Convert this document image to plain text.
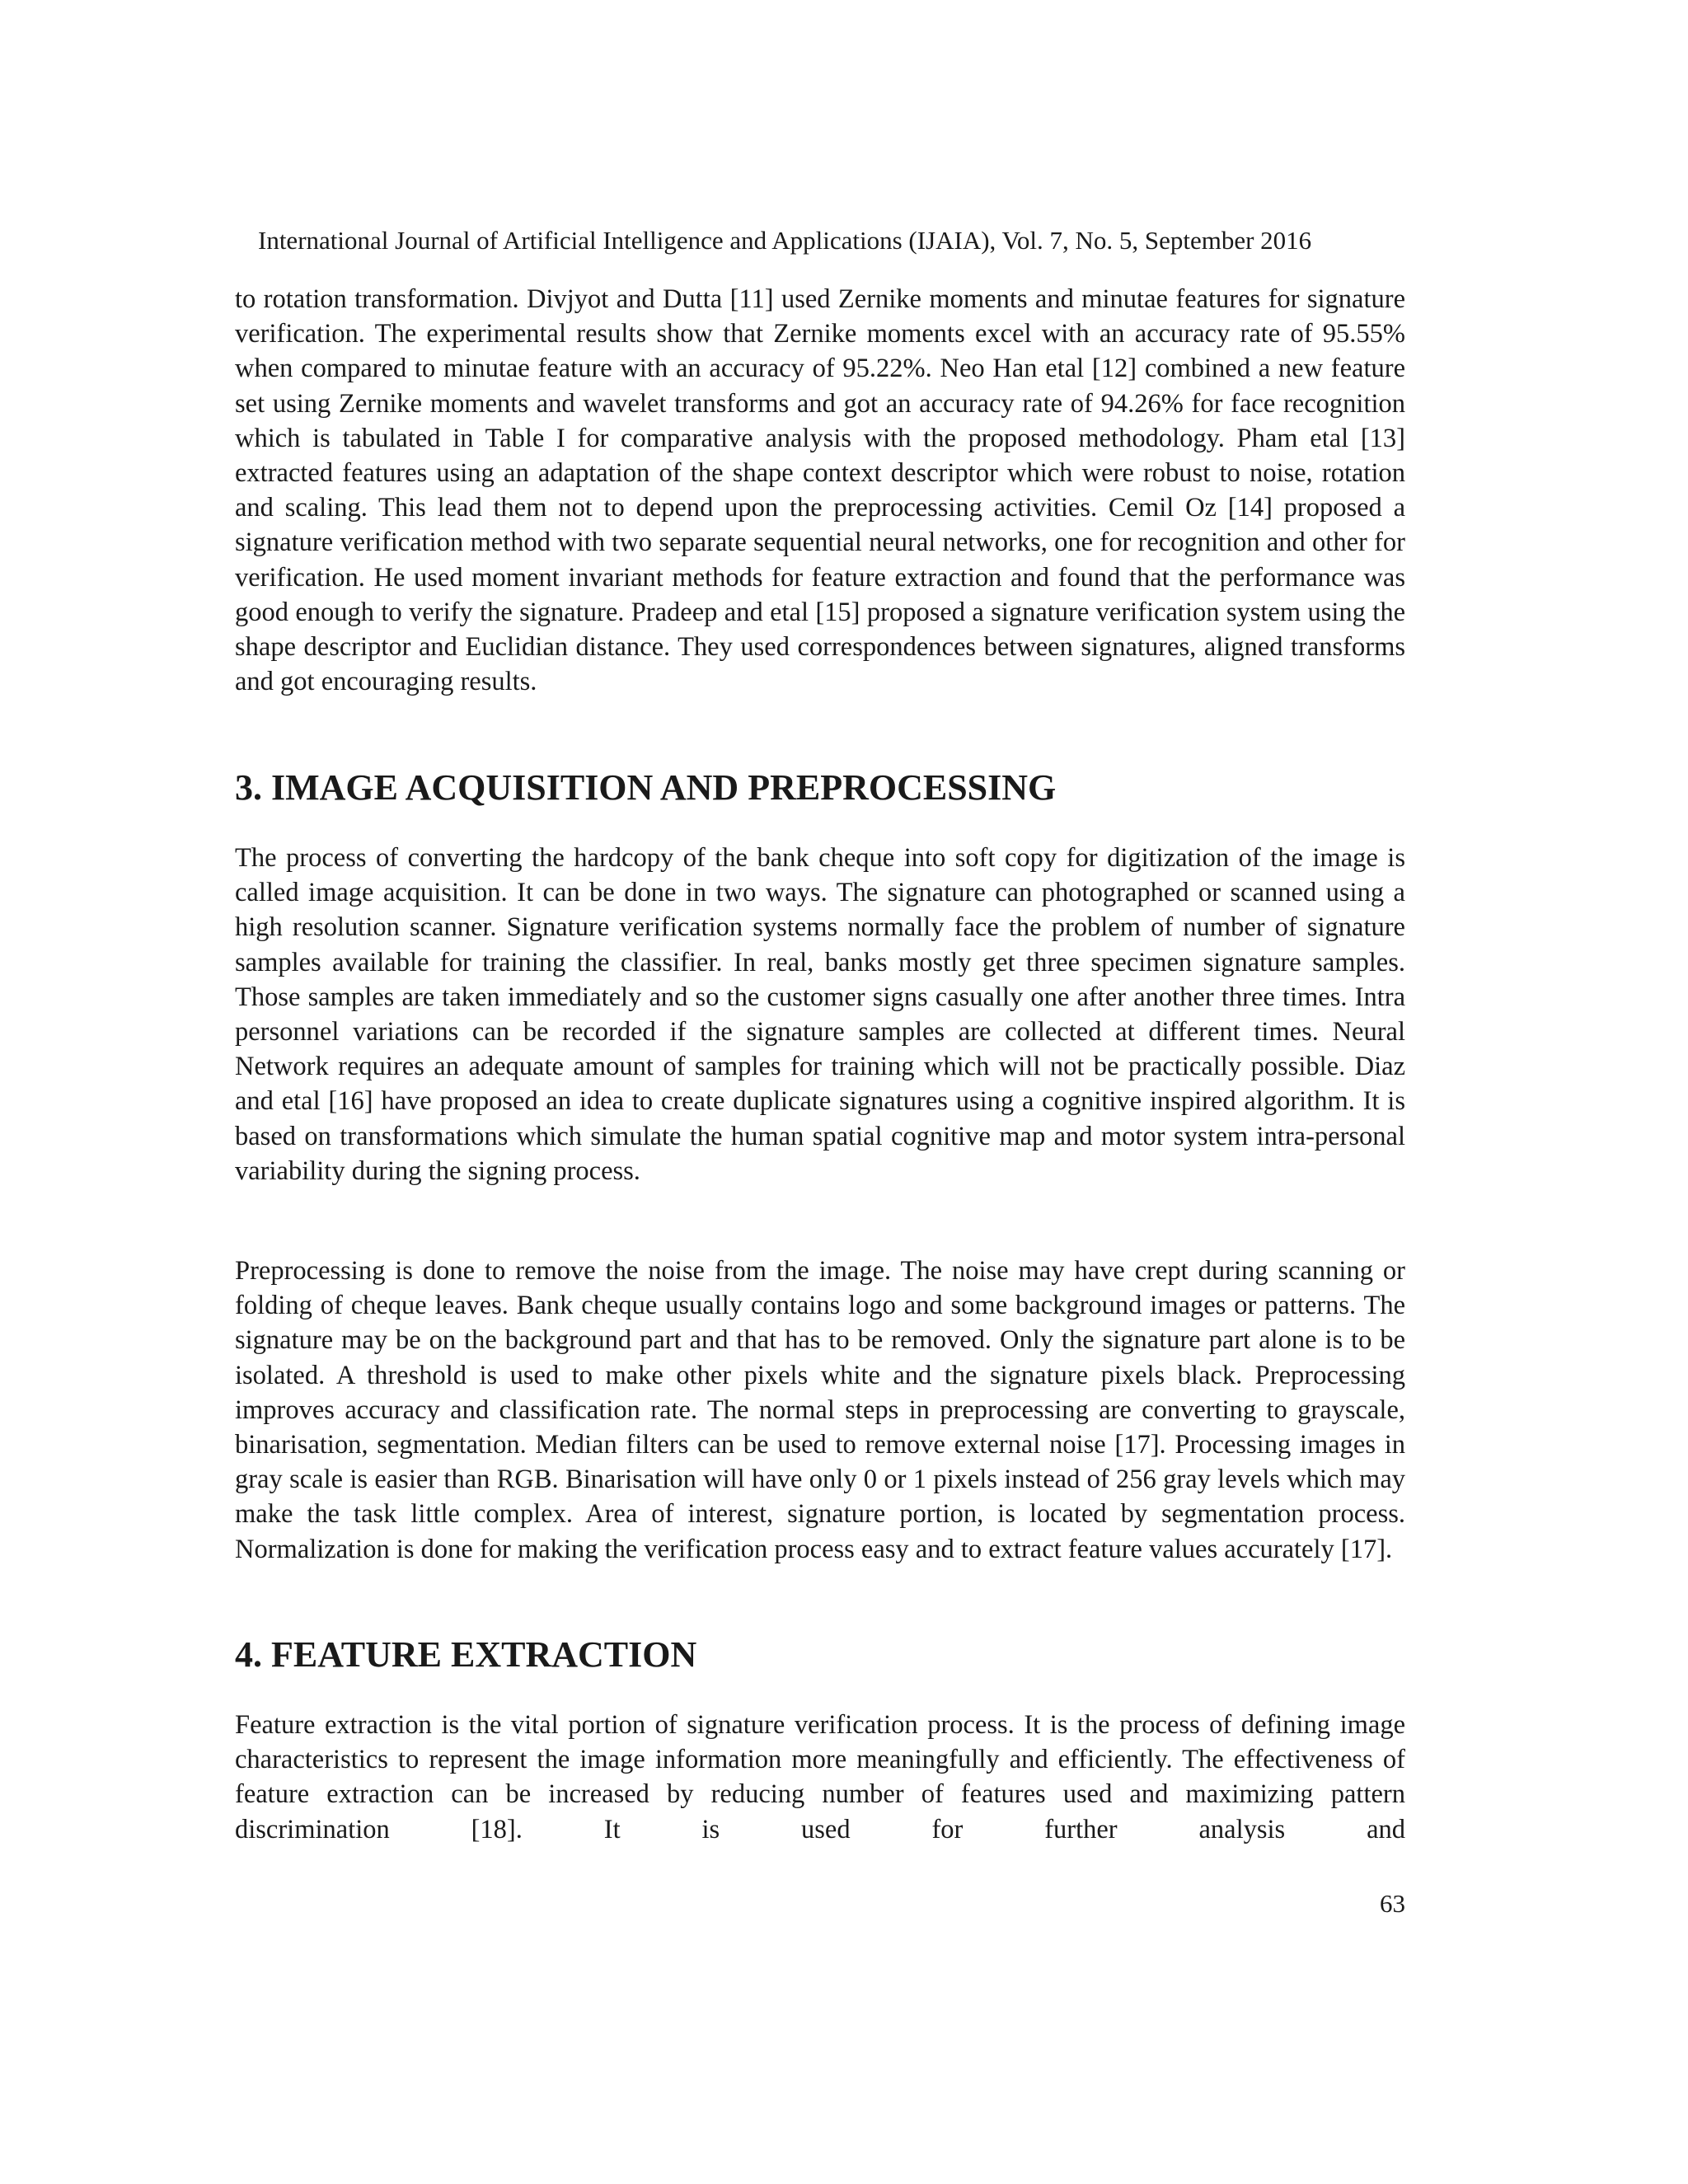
International Journal of Artificial Intelligence and Applications (IJAIA), Vol. 7, No. 5, September 2016

to rotation transformation. Divjyot and Dutta [11] used Zernike moments and minutae features for signature verification. The experimental results show that Zernike moments excel with an accuracy rate of 95.55% when compared to minutae feature with an accuracy of 95.22%. Neo Han etal [12] combined a new feature set using Zernike moments and wavelet transforms and got an accuracy rate of 94.26% for face recognition which is tabulated in Table I for comparative analysis with the proposed methodology. Pham etal [13] extracted features using an adaptation of the shape context descriptor which were robust to noise, rotation and scaling. This lead them not to depend upon the preprocessing activities. Cemil Oz [14] proposed a signature verification method with two separate sequential neural networks, one for recognition and other for verification. He used moment invariant methods for feature extraction and found that the performance was good enough to verify the signature. Pradeep and etal [15] proposed a signature verification system using the shape descriptor and Euclidian distance. They used correspondences between signatures, aligned transforms and got encouraging results.

3. IMAGE ACQUISITION AND PREPROCESSING

The process of converting the hardcopy of the bank cheque into soft copy for digitization of the image is called image acquisition. It can be done in two ways. The signature can photographed or scanned using a high resolution scanner. Signature verification systems normally face the problem of number of signature samples available for training the classifier. In real, banks mostly get three specimen signature samples. Those samples are taken immediately and so the customer signs casually one after another three times. Intra personnel variations can be recorded if the signature samples are collected at different times. Neural Network requires an adequate amount of samples for training which will not be practically possible. Diaz and etal [16] have proposed an idea to create duplicate signatures using a cognitive inspired algorithm. It is based on transformations which simulate the human spatial cognitive map and motor system intra-personal variability during the signing process.

Preprocessing is done to remove the noise from the image. The noise may have crept during scanning or folding of cheque leaves. Bank cheque usually contains logo and some background images or patterns. The signature may be on the background part and that has to be removed. Only the signature part alone is to be isolated. A threshold is used to make other pixels white and the signature pixels black. Preprocessing improves accuracy and classification rate. The normal steps in preprocessing are converting to grayscale, binarisation, segmentation. Median filters can be used to remove external noise [17]. Processing images in gray scale is easier than RGB. Binarisation will have only 0 or 1 pixels instead of 256 gray levels which may make the task little complex. Area of interest, signature portion, is located by segmentation process. Normalization is done for making the verification process easy and to extract feature values accurately [17].

4. FEATURE EXTRACTION

Feature extraction is the vital portion of signature verification process. It is the process of defining image characteristics to represent the image information more meaningfully and efficiently. The effectiveness of feature extraction can be increased by reducing number of features used and maximizing pattern discrimination [18]. It is used for further analysis and

63
